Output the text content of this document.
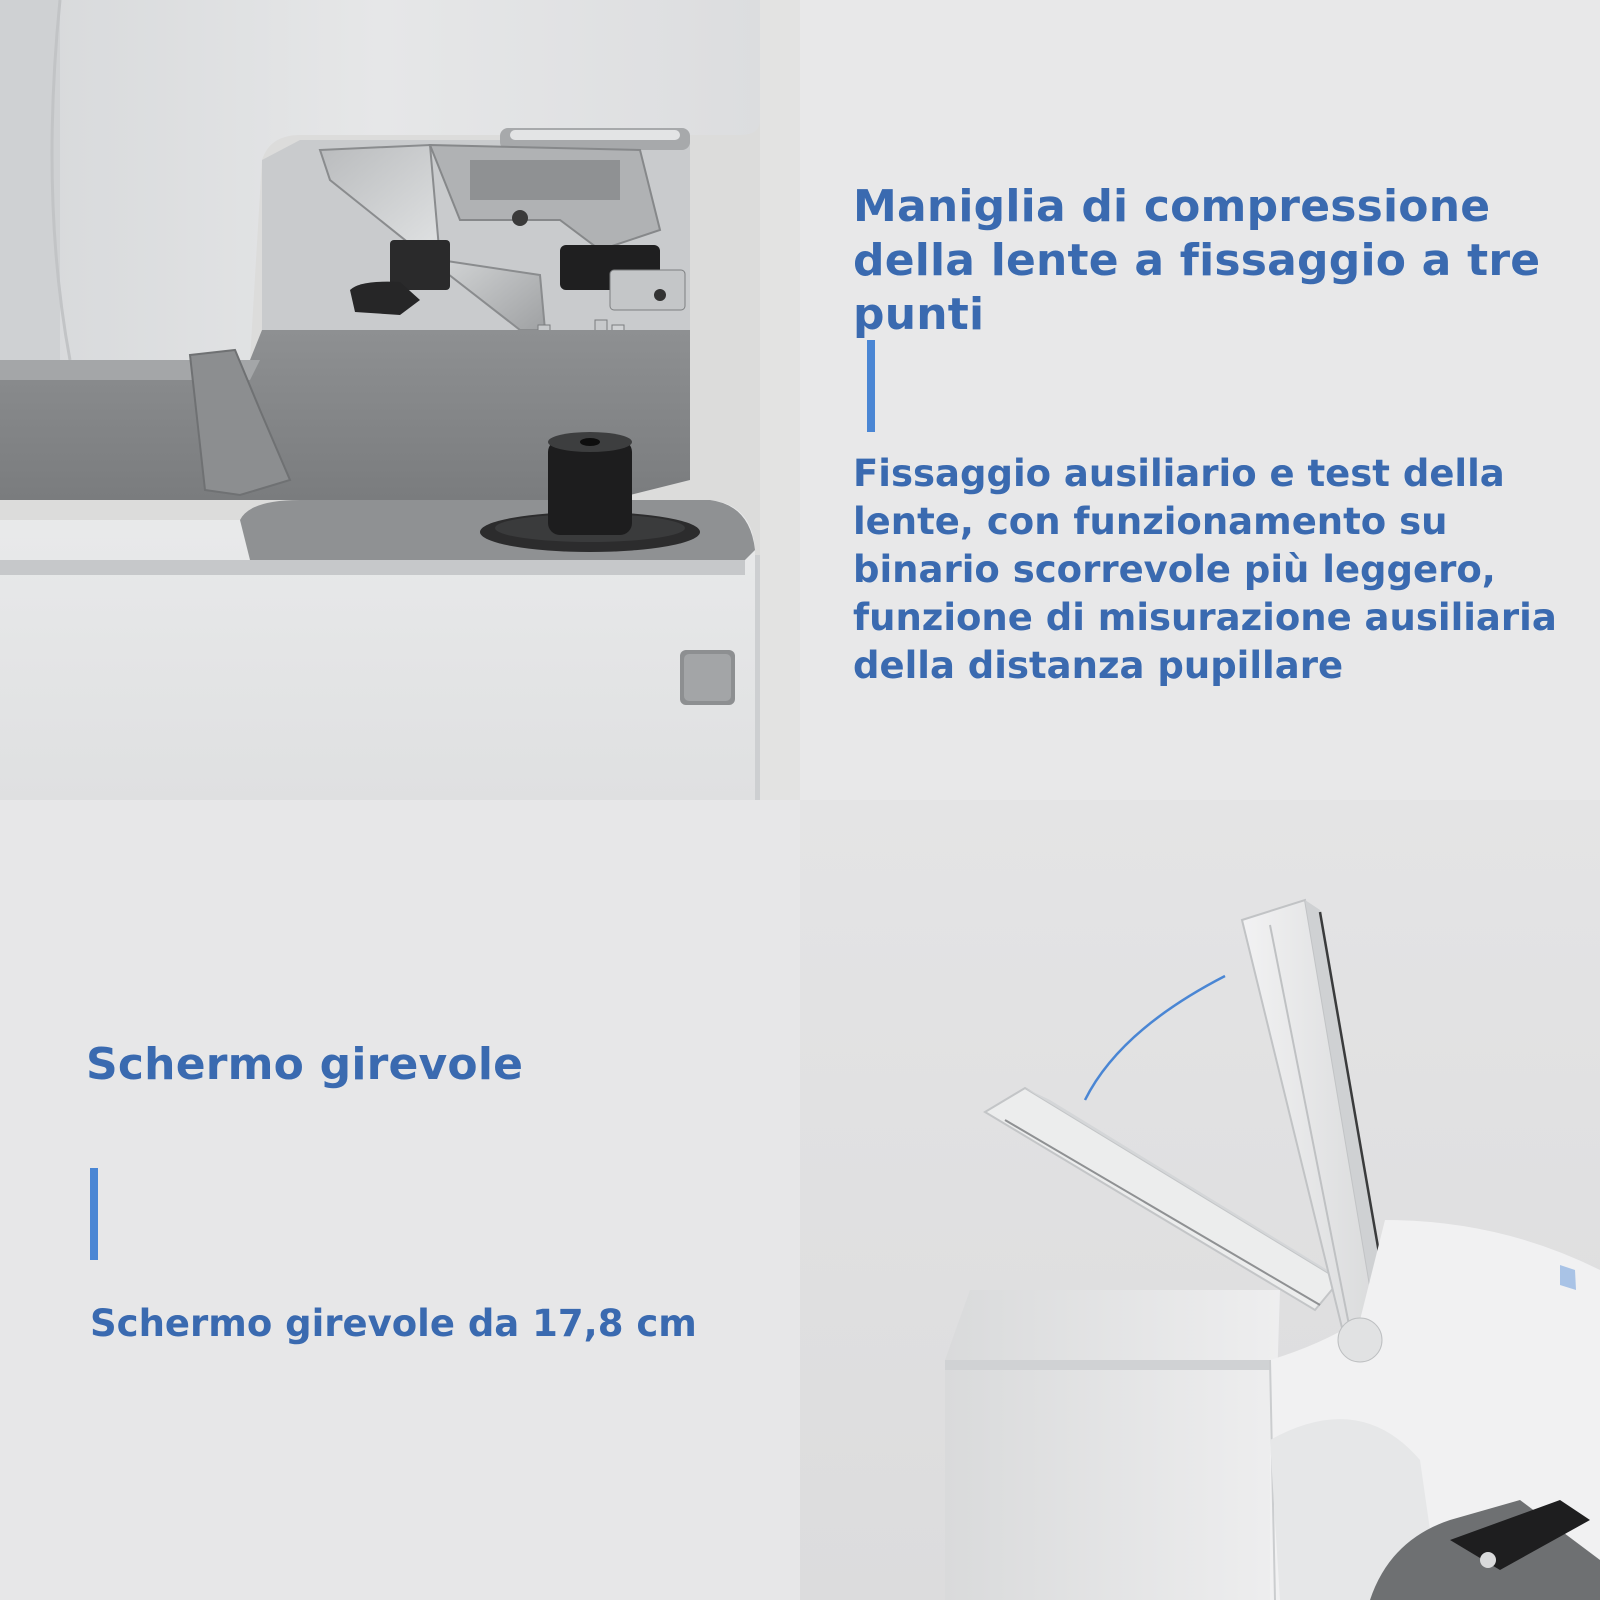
Maniglia di compressione della lente a fissaggio a tre punti

Fissaggio ausiliario e test della lente, con funzionamento su binario scorrevole più leggero, funzione di misurazione ausiliaria della distanza pupillare

Schermo girevole

Schermo girevole da 17,8 cm
